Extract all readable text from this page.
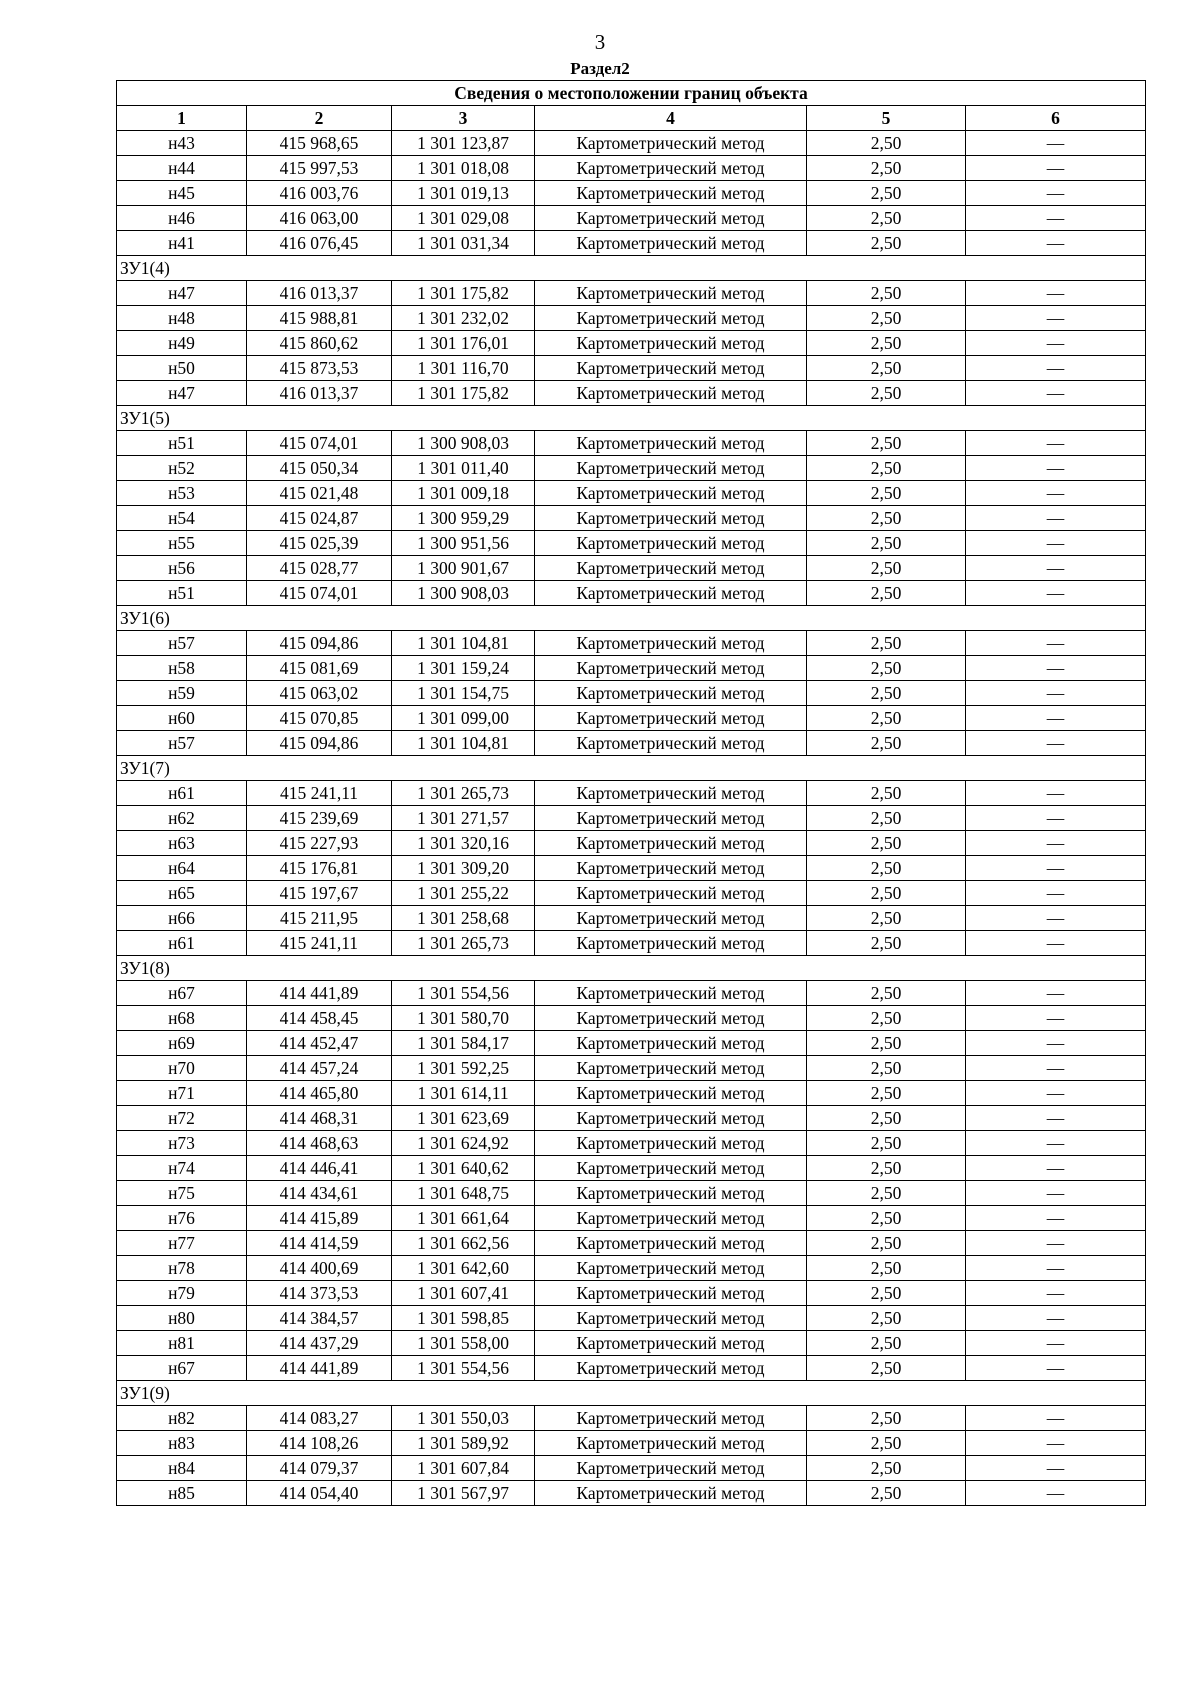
3
Раздел2
Сведения о местоположении границ объекта					
1	2	3	4	5	6
н43	415 968,65	1 301 123,87	Картометрический метод	2,50	—
н44	415 997,53	1 301 018,08	Картометрический метод	2,50	—
н45	416 003,76	1 301 019,13	Картометрический метод	2,50	—
н46	416 063,00	1 301 029,08	Картометрический метод	2,50	—
н41	416 076,45	1 301 031,34	Картометрический метод	2,50	—
ЗУ1(4)					
н47	416 013,37	1 301 175,82	Картометрический метод	2,50	—
н48	415 988,81	1 301 232,02	Картометрический метод	2,50	—
н49	415 860,62	1 301 176,01	Картометрический метод	2,50	—
н50	415 873,53	1 301 116,70	Картометрический метод	2,50	—
н47	416 013,37	1 301 175,82	Картометрический метод	2,50	—
ЗУ1(5)					
н51	415 074,01	1 300 908,03	Картометрический метод	2,50	—
н52	415 050,34	1 301 011,40	Картометрический метод	2,50	—
н53	415 021,48	1 301 009,18	Картометрический метод	2,50	—
н54	415 024,87	1 300 959,29	Картометрический метод	2,50	—
н55	415 025,39	1 300 951,56	Картометрический метод	2,50	—
н56	415 028,77	1 300 901,67	Картометрический метод	2,50	—
н51	415 074,01	1 300 908,03	Картометрический метод	2,50	—
ЗУ1(6)					
н57	415 094,86	1 301 104,81	Картометрический метод	2,50	—
н58	415 081,69	1 301 159,24	Картометрический метод	2,50	—
н59	415 063,02	1 301 154,75	Картометрический метод	2,50	—
н60	415 070,85	1 301 099,00	Картометрический метод	2,50	—
н57	415 094,86	1 301 104,81	Картометрический метод	2,50	—
ЗУ1(7)					
н61	415 241,11	1 301 265,73	Картометрический метод	2,50	—
н62	415 239,69	1 301 271,57	Картометрический метод	2,50	—
н63	415 227,93	1 301 320,16	Картометрический метод	2,50	—
н64	415 176,81	1 301 309,20	Картометрический метод	2,50	—
н65	415 197,67	1 301 255,22	Картометрический метод	2,50	—
н66	415 211,95	1 301 258,68	Картометрический метод	2,50	—
н61	415 241,11	1 301 265,73	Картометрический метод	2,50	—
ЗУ1(8)					
н67	414 441,89	1 301 554,56	Картометрический метод	2,50	—
н68	414 458,45	1 301 580,70	Картометрический метод	2,50	—
н69	414 452,47	1 301 584,17	Картометрический метод	2,50	—
н70	414 457,24	1 301 592,25	Картометрический метод	2,50	—
н71	414 465,80	1 301 614,11	Картометрический метод	2,50	—
н72	414 468,31	1 301 623,69	Картометрический метод	2,50	—
н73	414 468,63	1 301 624,92	Картометрический метод	2,50	—
н74	414 446,41	1 301 640,62	Картометрический метод	2,50	—
н75	414 434,61	1 301 648,75	Картометрический метод	2,50	—
н76	414 415,89	1 301 661,64	Картометрический метод	2,50	—
н77	414 414,59	1 301 662,56	Картометрический метод	2,50	—
н78	414 400,69	1 301 642,60	Картометрический метод	2,50	—
н79	414 373,53	1 301 607,41	Картометрический метод	2,50	—
н80	414 384,57	1 301 598,85	Картометрический метод	2,50	—
н81	414 437,29	1 301 558,00	Картометрический метод	2,50	—
н67	414 441,89	1 301 554,56	Картометрический метод	2,50	—
ЗУ1(9)					
н82	414 083,27	1 301 550,03	Картометрический метод	2,50	—
н83	414 108,26	1 301 589,92	Картометрический метод	2,50	—
н84	414 079,37	1 301 607,84	Картометрический метод	2,50	—
н85	414 054,40	1 301 567,97	Картометрический метод	2,50	—
